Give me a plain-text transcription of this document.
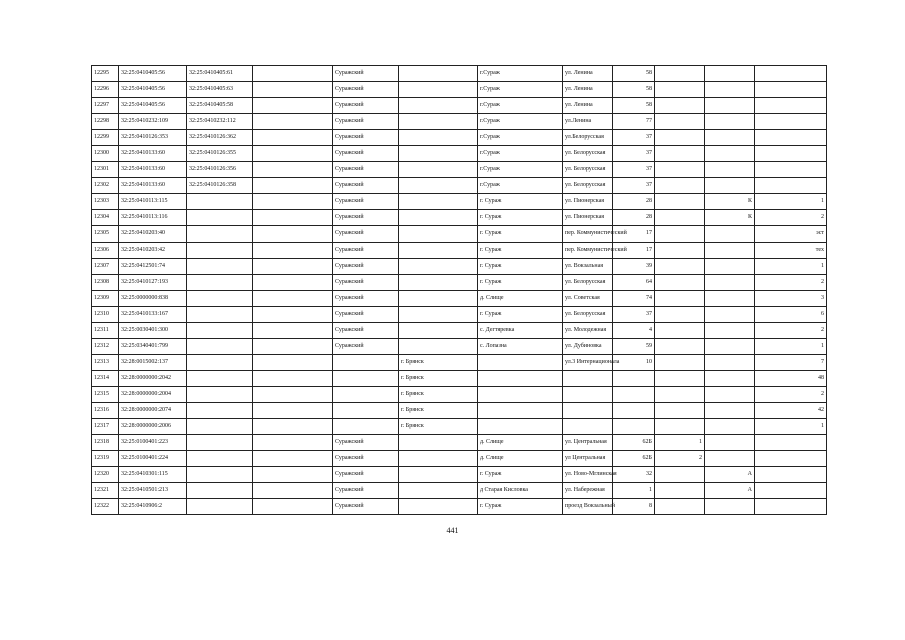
12295	32:25:0410405:56	32:25:0410405:61		Суражский		г.Сураж	ул. Ленина	58			
12296	32:25:0410405:56	32:25:0410405:63		Суражский		г.Сураж	ул. Ленина	58			
12297	32:25:0410405:56	32:25:0410405:58		Суражский		г.Сураж	ул. Ленина	58			
12298	32:25:0410232:109	32:25:0410232:112		Суражский		г.Сураж	ул.Ленина	77			
12299	32:25:0410126:353	32:25:0410126:362		Суражский		г.Сураж	ул.Белорусская	37			
12300	32:25:0410133:60	32:25:0410126:355		Суражский		г.Сураж	ул. Белорусская	37			
12301	32:25:0410133:60	32:25:0410126:356		Суражский		г.Сураж	ул. Белорусская	37			
12302	32:25:0410133:60	32:25:0410126:358		Суражский		г.Сураж	ул. Белорусская	37			
12303	32:25:0410113:115			Суражский		г. Сураж	ул. Пионерская	28		К	1
12304	32:25:0410113:116			Суражский		г. Сураж	ул. Пионерская	28		К	2
12305	32:25:0410203:40			Суражский		г. Сураж	пер. Коммунистический	17			эст
12306	32:25:0410203:42			Суражский		г. Сураж	пер. Коммунистический	17			тех
12307	32:25:0412501:74			Суражский		г. Сураж	ул. Вокзальная	39			1
12308	32:25:0410127:193			Суражский		г. Сураж	ул. Белорусская	64			2
12309	32:25:0000000:838			Суражский		д. Слище	ул. Советская	74			3
12310	32:25:0410133:167			Суражский		г. Сураж	ул. Белорусская	37			6
12311	32:25:0030401:300			Суражский		с. Дегтяревка	ул. Молодежная	4			2
12312	32:25:0340401:799			Суражский		с. Лопазна	ул. Дубиновка	59			1
12313	32:28:0015002:137				г. Брянск		ул.3 Интернационала	10			7
12314	32:28:0000000:2042				г. Брянск						48
12315	32:28:0000000:2004				г. Брянск						2
12316	32:28:0000000:2074				г. Брянск						42
12317	32:28:0000000:2006				г. Брянск						1
12318	32:25:0100401:223			Суражский		д. Слище	ул. Центральная	62Б	1		
12319	32:25:0100401:224			Суражский		д. Слище	ул Центральная	62Б	2		
12320	32:25:0410301:115			Суражский		г. Сураж	ул. Ново-Мглинская	32		А	
12321	32:25:0410501:213			Суражский		д Старая Кисловка	ул. Набережная	1		А	
12322	32:25:0410906:2			Суражский		г. Сураж	проезд Вокзальный	8			
441
